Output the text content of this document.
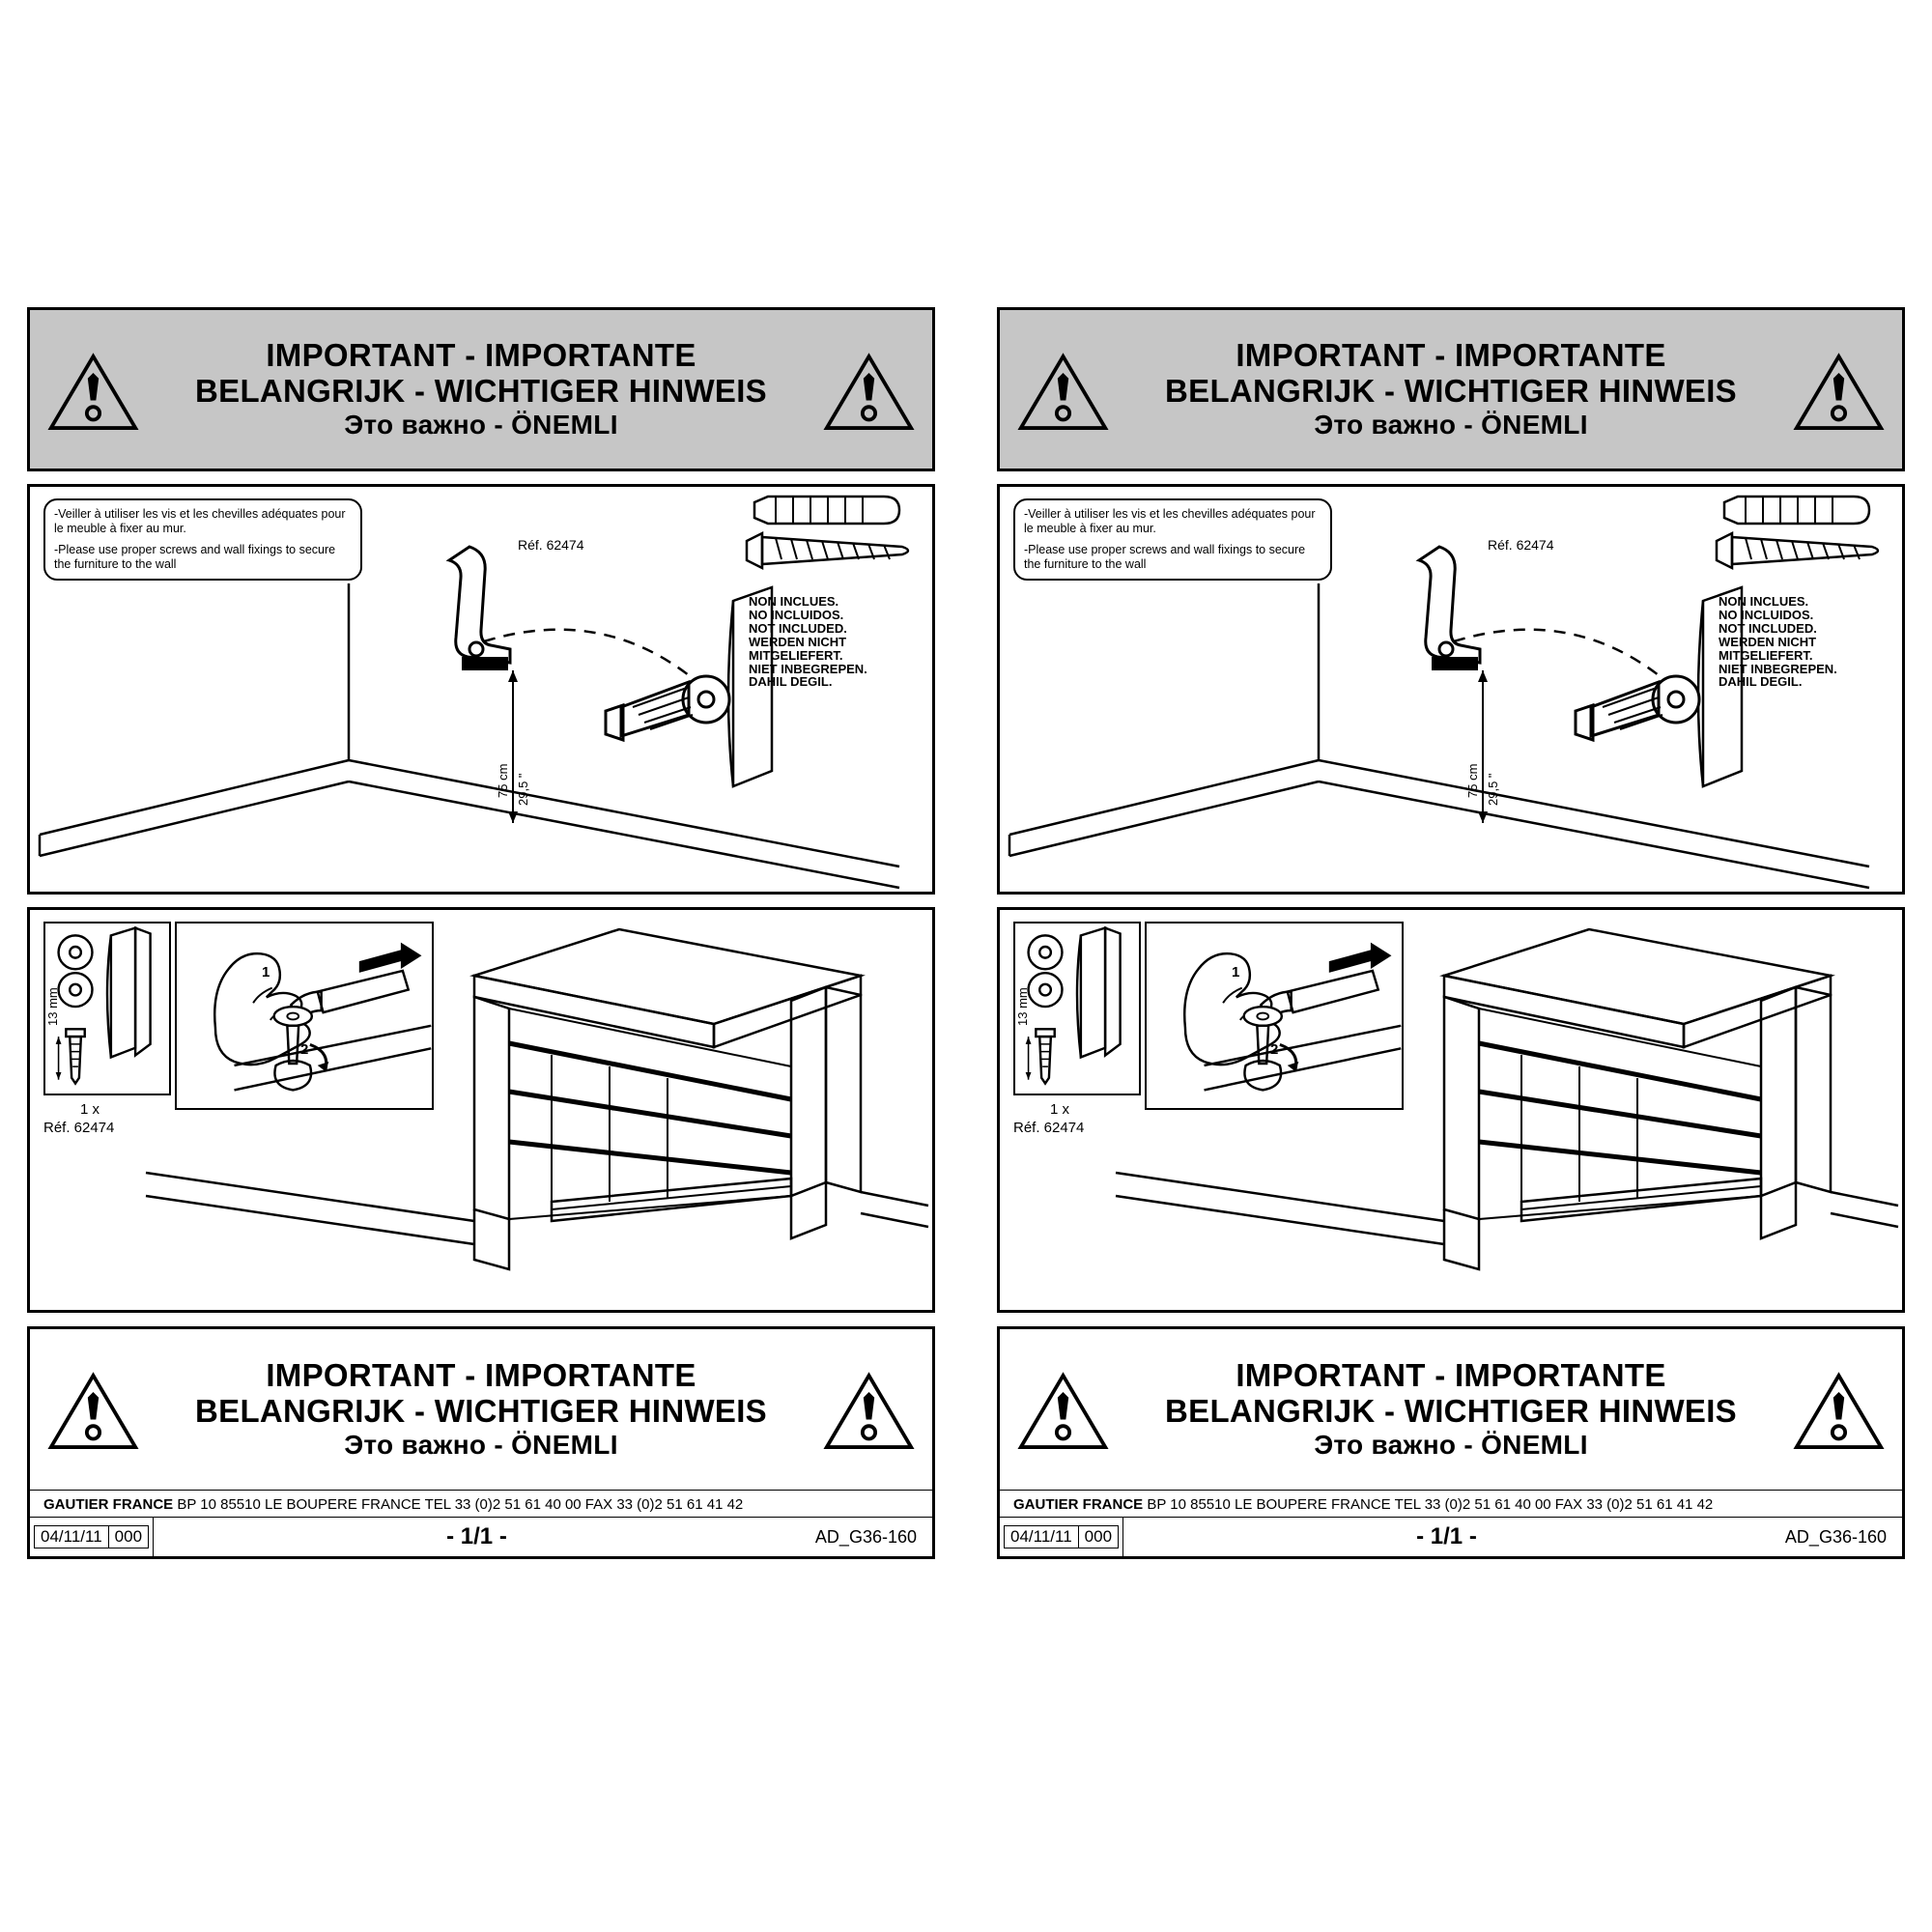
IMPORTANT - IMPORTANTE
BELANGRIJK - WICHTIGER HINWEIS
Это важно - ÖNEMLI

-Veiller à utiliser les vis et les chevilles adéquates pour le meuble à fixer au mur.

-Please use proper screws and wall fixings to secure the furniture to the wall

75 cm 29,5 "
Réf. 62474
NON INCLUES.
NO INCLUIDOS.
NOT INCLUDED.
WERDEN NICHT
MITGELIEFERT.
NIET INBEGREPEN.
DAHIL DEGIL.
13 mm
1 x
Réf. 62474
1
2
IMPORTANT - IMPORTANTE
BELANGRIJK - WICHTIGER HINWEIS
Это важно - ÖNEMLI
GAUTIER FRANCE BP 10 85510 LE BOUPERE FRANCE TEL 33 (0)2 51 61 40 00 FAX 33 (0)2 51 61 41 42
04/11/11 000	- 1/1 -	AD_G36-160
IMPORTANT - IMPORTANTE
BELANGRIJK - WICHTIGER HINWEIS
Это важно - ÖNEMLI

-Veiller à utiliser les vis et les chevilles adéquates pour le meuble à fixer au mur.

-Please use proper screws and wall fixings to secure the furniture to the wall

75 cm 29,5 "
Réf. 62474
NON INCLUES.
NO INCLUIDOS.
NOT INCLUDED.
WERDEN NICHT
MITGELIEFERT.
NIET INBEGREPEN.
DAHIL DEGIL.
13 mm
1 x
Réf. 62474
1
2
IMPORTANT - IMPORTANTE
BELANGRIJK - WICHTIGER HINWEIS
Это важно - ÖNEMLI
GAUTIER FRANCE BP 10 85510 LE BOUPERE FRANCE TEL 33 (0)2 51 61 40 00 FAX 33 (0)2 51 61 41 42
04/11/11 000	- 1/1 -	AD_G36-160
